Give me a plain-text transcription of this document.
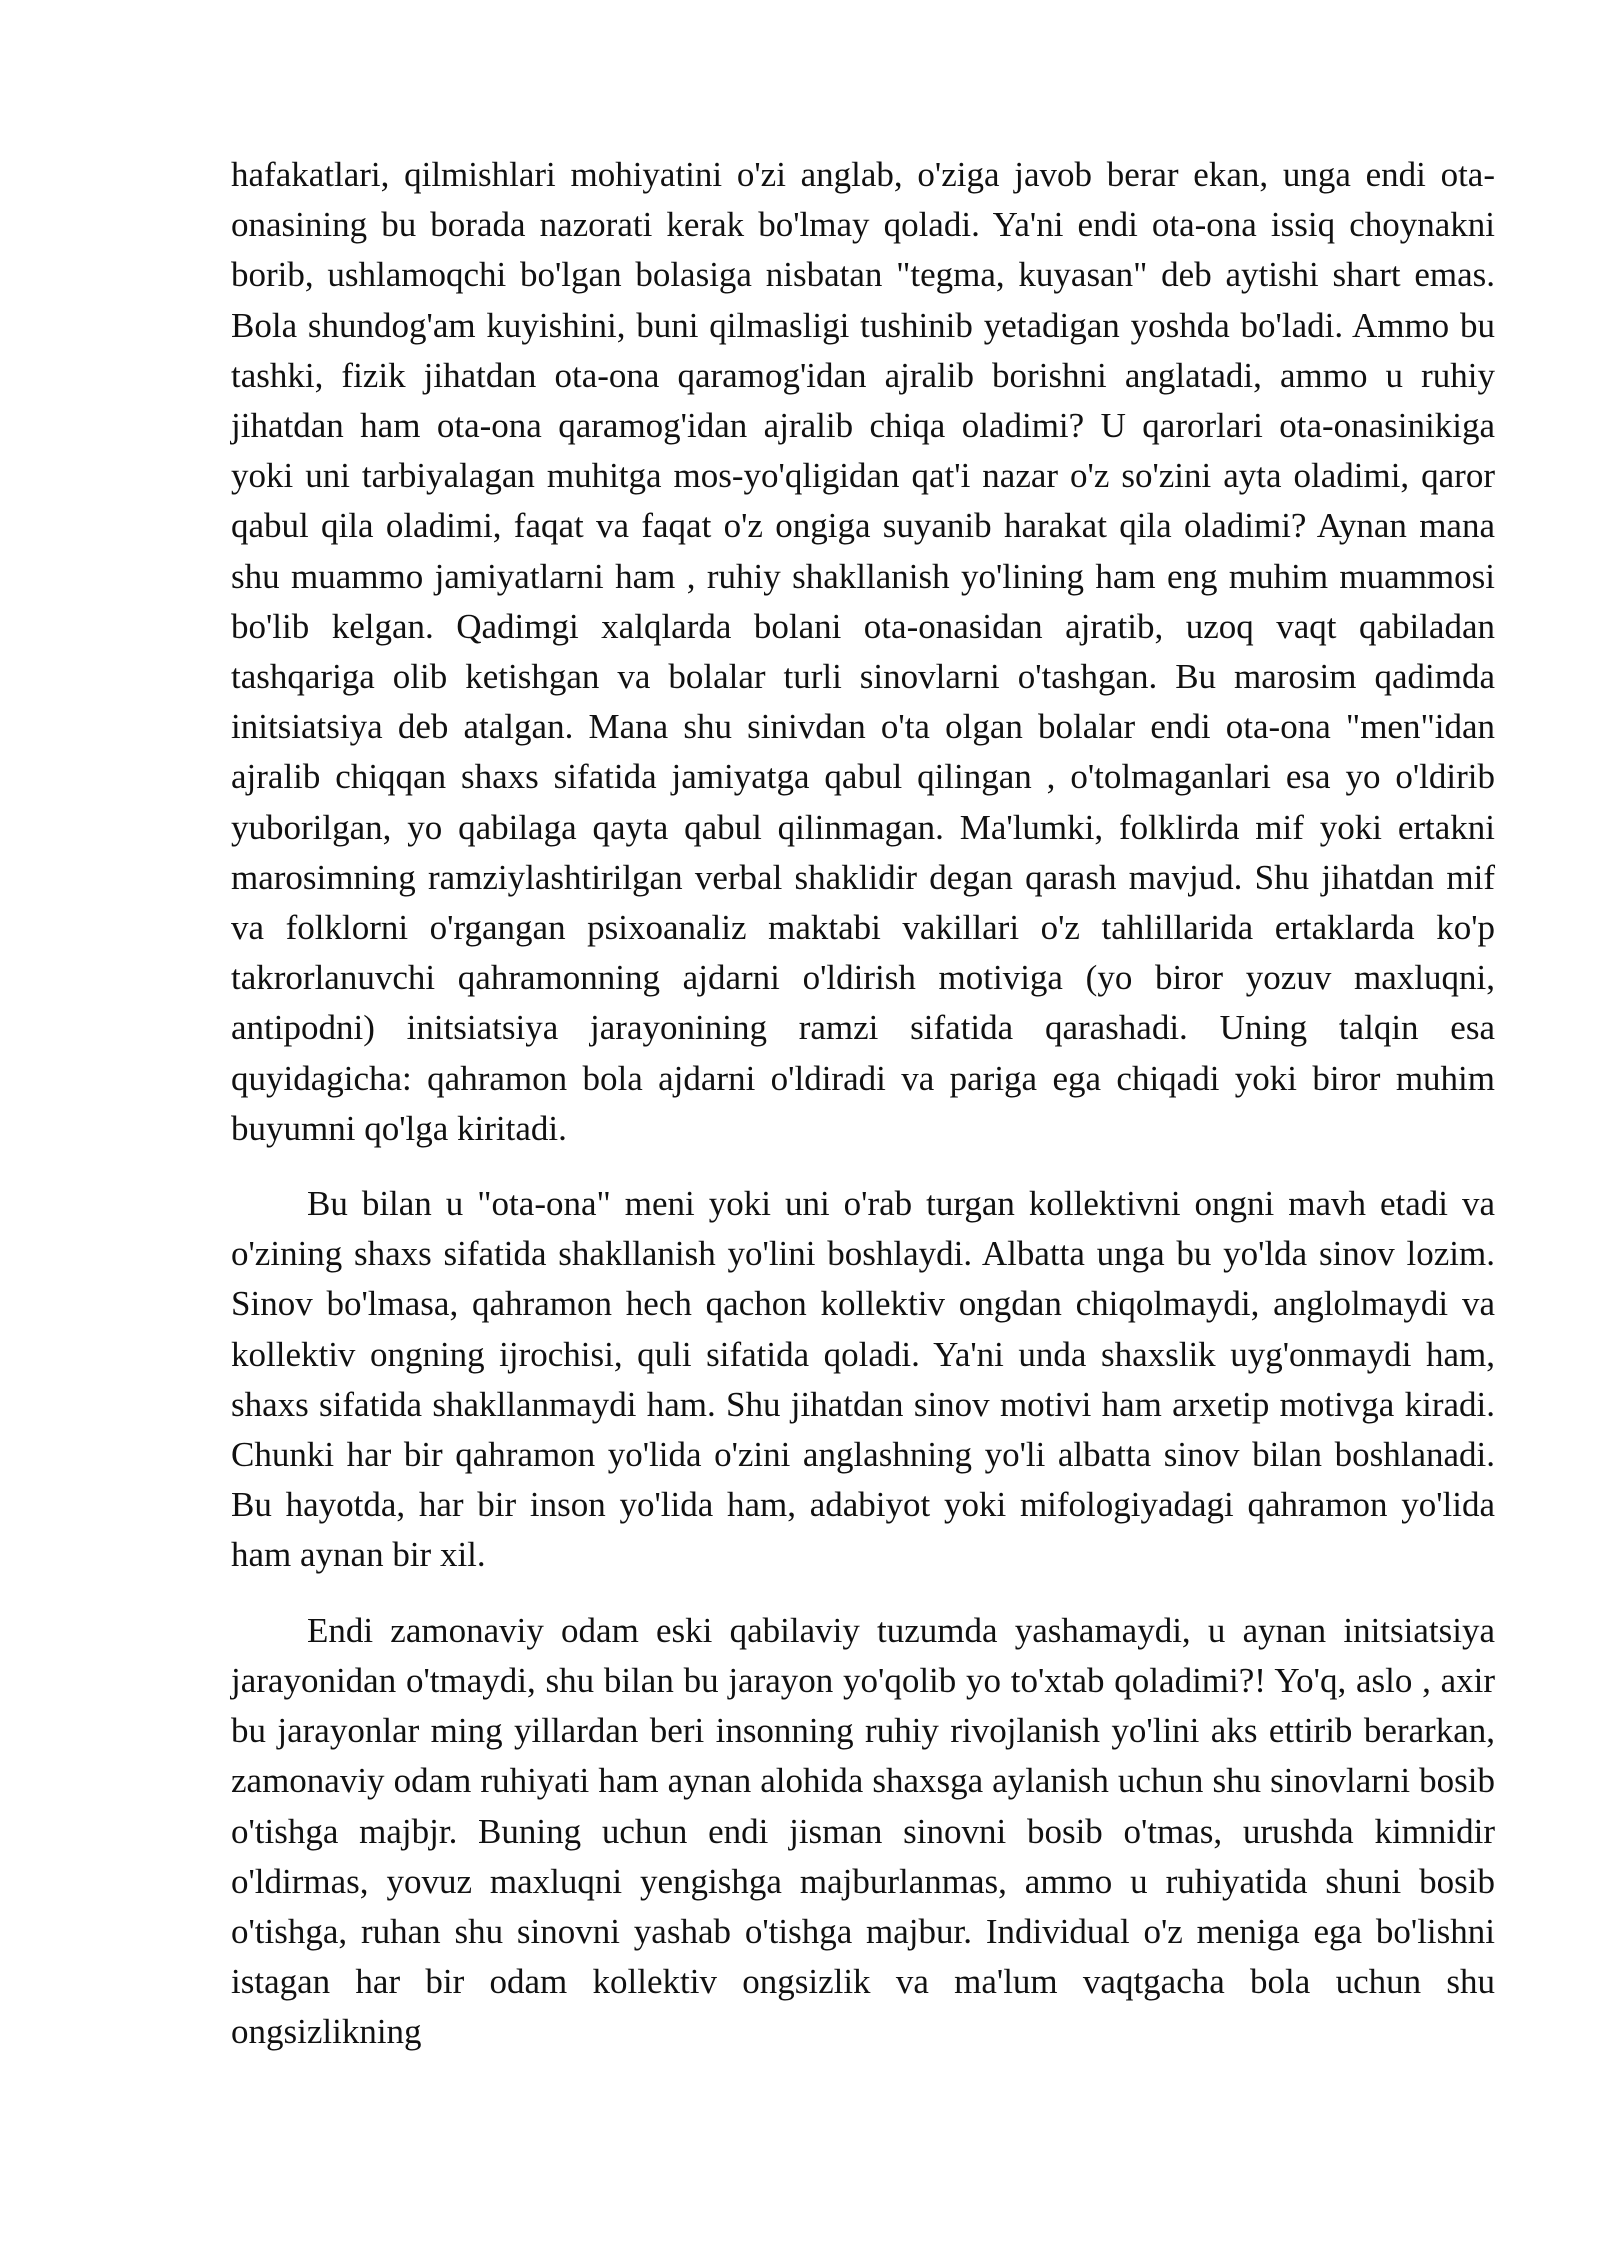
hafakatlari, qilmishlari mohiyatini o'zi anglab, o'ziga javob berar ekan, unga endi ota-onasining bu borada nazorati kerak bo'lmay qoladi. Ya'ni endi ota-ona issiq choynakni borib, ushlamoqchi bo'lgan bolasiga nisbatan "tegma, kuyasan" deb aytishi shart emas. Bola shundog'am kuyishini, buni qilmasligi tushinib yetadigan yoshda bo'ladi. Ammo bu tashki, fizik jihatdan ota-ona qaramog'idan ajralib borishni anglatadi, ammo u ruhiy jihatdan ham ota-ona qaramog'idan ajralib chiqa oladimi? U qarorlari ota-onasinikiga yoki uni tarbiyalagan muhitga mos-yo'qligidan qat'i nazar o'z so'zini ayta oladimi, qaror qabul qila oladimi, faqat va faqat o'z ongiga suyanib harakat qila oladimi? Aynan mana shu muammo jamiyatlarni ham , ruhiy shakllanish yo'lining ham eng muhim muammosi bo'lib kelgan. Qadimgi xalqlarda bolani ota-onasidan ajratib, uzoq vaqt qabiladan tashqariga olib ketishgan va bolalar turli sinovlarni o'tashgan. Bu marosim qadimda initsiatsiya deb atalgan. Mana shu sinivdan o'ta olgan bolalar endi ota-ona "men"idan ajralib chiqqan shaxs sifatida jamiyatga qabul qilingan , o'tolmaganlari esa yo o'ldirib yuborilgan, yo qabilaga qayta qabul qilinmagan. Ma'lumki, folklirda mif yoki ertakni marosimning ramziylashtirilgan verbal shaklidir degan qarash mavjud. Shu jihatdan mif va folklorni o'rgangan psixoanaliz maktabi vakillari o'z tahlillarida ertaklarda ko'p takrorlanuvchi qahramonning ajdarni o'ldirish motiviga (yo biror yozuv maxluqni, antipodni) initsiatsiya jarayonining ramzi sifatida qarashadi. Uning talqin esa quyidagicha: qahramon bola ajdarni o'ldiradi va pariga ega chiqadi yoki biror muhim buyumni qo'lga kiritadi.

Bu bilan u "ota-ona" meni yoki uni o'rab turgan kollektivni ongni mavh etadi va o'zining shaxs sifatida shakllanish yo'lini boshlaydi. Albatta unga bu yo'lda sinov lozim. Sinov bo'lmasa, qahramon hech qachon kollektiv ongdan chiqolmaydi, anglolmaydi va kollektiv ongning ijrochisi, quli sifatida qoladi. Ya'ni unda shaxslik uyg'onmaydi ham, shaxs sifatida shakllanmaydi ham. Shu jihatdan sinov motivi ham arxetip motivga kiradi. Chunki har bir qahramon yo'lida o'zini anglashning yo'li albatta sinov bilan boshlanadi. Bu hayotda, har bir inson yo'lida ham, adabiyot yoki mifologiyadagi qahramon yo'lida ham aynan bir xil.

Endi zamonaviy odam eski qabilaviy tuzumda yashamaydi, u aynan initsiatsiya jarayonidan o'tmaydi, shu bilan bu jarayon yo'qolib yo to'xtab qoladimi?! Yo'q, aslo , axir bu jarayonlar ming yillardan beri insonning ruhiy rivojlanish yo'lini aks ettirib berarkan, zamonaviy odam ruhiyati ham aynan alohida shaxsga aylanish uchun shu sinovlarni bosib o'tishga majbjr. Buning uchun endi jisman sinovni bosib o'tmas, urushda kimnidir o'ldirmas, yovuz maxluqni yengishga majburlanmas, ammo u ruhiyatida shuni bosib o'tishga, ruhan shu sinovni yashab o'tishga majbur. Individual o'z meniga ega bo'lishni istagan har bir odam kollektiv ongsizlik va ma'lum vaqtgacha bola uchun shu ongsizlikning
